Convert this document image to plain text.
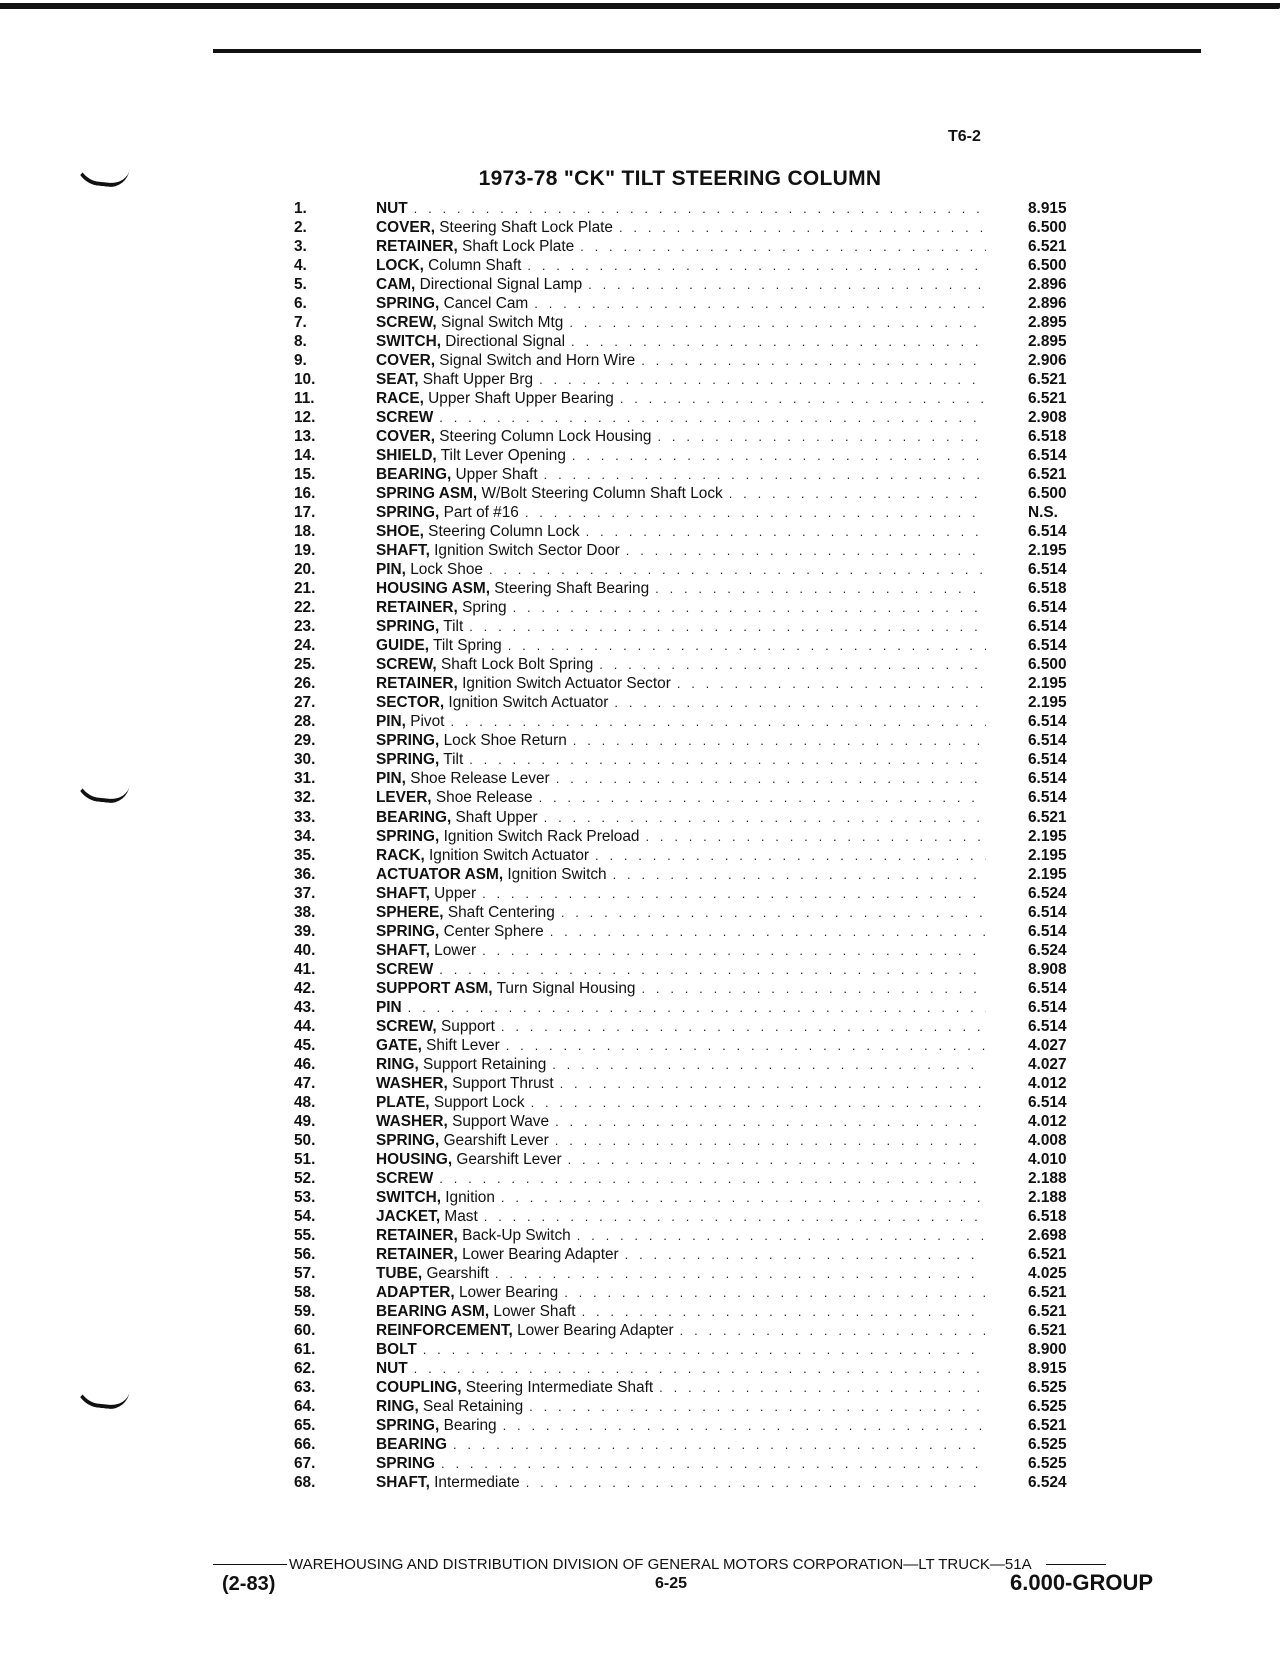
T6-2
1973-78 "CK" TILT STEERING COLUMN
1.	NUT . . .	8.915
2.	COVER, Steering Shaft Lock Plate . . .	6.500
3.	RETAINER, Shaft Lock Plate . . .	6.521
4.	LOCK, Column Shaft . . .	6.500
5.	CAM, Directional Signal Lamp . . .	2.896
6.	SPRING, Cancel Cam . . .	2.896
7.	SCREW, Signal Switch Mtg . . .	2.895
8.	SWITCH, Directional Signal . . .	2.895
9.	COVER, Signal Switch and Horn Wire . . .	2.906
10.	SEAT, Shaft Upper Brg . . .	6.521
11.	RACE, Upper Shaft Upper Bearing . . .	6.521
12.	SCREW . . .	2.908
13.	COVER, Steering Column Lock Housing . . .	6.518
14.	SHIELD, Tilt Lever Opening . . .	6.514
15.	BEARING, Upper Shaft . . .	6.521
16.	SPRING ASM, W/Bolt Steering Column Shaft Lock . . .	6.500
17.	SPRING, Part of #16 . . .	N.S.
18.	SHOE, Steering Column Lock . . .	6.514
19.	SHAFT, Ignition Switch Sector Door . . .	2.195
20.	PIN, Lock Shoe . . .	6.514
21.	HOUSING ASM, Steering Shaft Bearing . . .	6.518
22.	RETAINER, Spring . . .	6.514
23.	SPRING, Tilt . . .	6.514
24.	GUIDE, Tilt Spring . . .	6.514
25.	SCREW, Shaft Lock Bolt Spring . . .	6.500
26.	RETAINER, Ignition Switch Actuator Sector . . .	2.195
27.	SECTOR, Ignition Switch Actuator . . .	2.195
28.	PIN, Pivot . . .	6.514
29.	SPRING, Lock Shoe Return . . .	6.514
30.	SPRING, Tilt . . .	6.514
31.	PIN, Shoe Release Lever . . .	6.514
32.	LEVER, Shoe Release . . .	6.514
33.	BEARING, Shaft Upper . . .	6.521
34.	SPRING, Ignition Switch Rack Preload . . .	2.195
35.	RACK, Ignition Switch Actuator . . .	2.195
36.	ACTUATOR ASM, Ignition Switch . . .	2.195
37.	SHAFT, Upper . . .	6.524
38.	SPHERE, Shaft Centering . . .	6.514
39.	SPRING, Center Sphere . . .	6.514
40.	SHAFT, Lower . . .	6.524
41.	SCREW . . .	8.908
42.	SUPPORT ASM, Turn Signal Housing . . .	6.514
43.	PIN . . .	6.514
44.	SCREW, Support . . .	6.514
45.	GATE, Shift Lever . . .	4.027
46.	RING, Support Retaining . . .	4.027
47.	WASHER, Support Thrust . . .	4.012
48.	PLATE, Support Lock . . .	6.514
49.	WASHER, Support Wave . . .	4.012
50.	SPRING, Gearshift Lever . . .	4.008
51.	HOUSING, Gearshift Lever . . .	4.010
52.	SCREW . . .	2.188
53.	SWITCH, Ignition . . .	2.188
54.	JACKET, Mast . . .	6.518
55.	RETAINER, Back-Up Switch . . .	2.698
56.	RETAINER, Lower Bearing Adapter . . .	6.521
57.	TUBE, Gearshift . . .	4.025
58.	ADAPTER, Lower Bearing . . .	6.521
59.	BEARING ASM, Lower Shaft . . .	6.521
60.	REINFORCEMENT, Lower Bearing Adapter . . .	6.521
61.	BOLT . . .	8.900
62.	NUT . . .	8.915
63.	COUPLING, Steering Intermediate Shaft . . .	6.525
64.	RING, Seal Retaining . . .	6.525
65.	SPRING, Bearing . . .	6.521
66.	BEARING . . .	6.525
67.	SPRING . . .	6.525
68.	SHAFT, Intermediate . . .	6.524
WAREHOUSING AND DISTRIBUTION DIVISION OF GENERAL MOTORS CORPORATION—LT TRUCK—51A
(2-83)	6-25	6.000-GROUP
